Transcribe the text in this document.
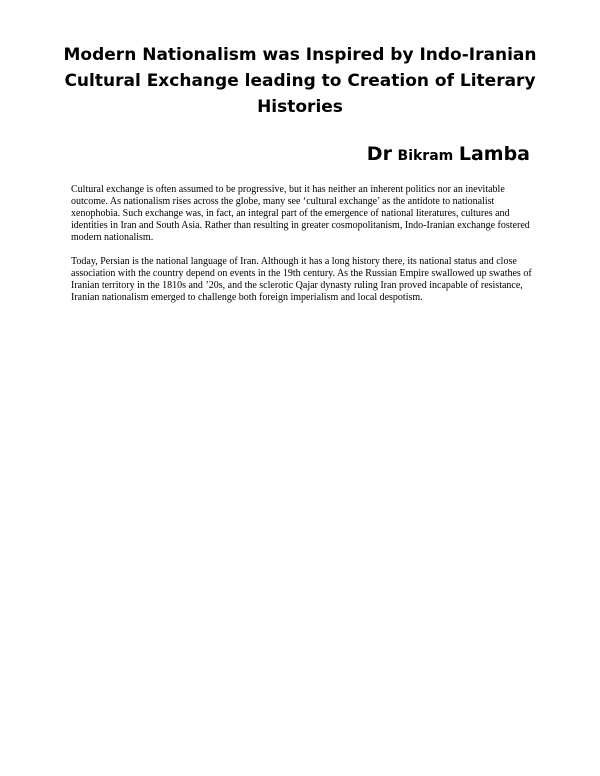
Modern Nationalism was Inspired by Indo-Iranian Cultural Exchange leading to Creation of Literary Histories
Dr Bikram Lamba

Cultural exchange is often assumed to be progressive, but it has neither an inherent politics nor an inevitable outcome. As nationalism rises across the globe, many see ‘cultural exchange’ as the antidote to nationalist xenophobia. Such exchange was, in fact, an integral part of the emergence of national literatures, cultures and identities in Iran and South Asia. Rather than resulting in greater cosmopolitanism, Indo-Iranian exchange fostered modern nationalism.

Today, Persian is the national language of Iran. Although it has a long history there, its national status and close association with the country depend on events in the 19th century. As the Russian Empire swallowed up swathes of Iranian territory in the 1810s and ’20s, and the sclerotic Qajar dynasty ruling Iran proved incapable of resistance, Iranian nationalism emerged to challenge both foreign imperialism and local despotism.
